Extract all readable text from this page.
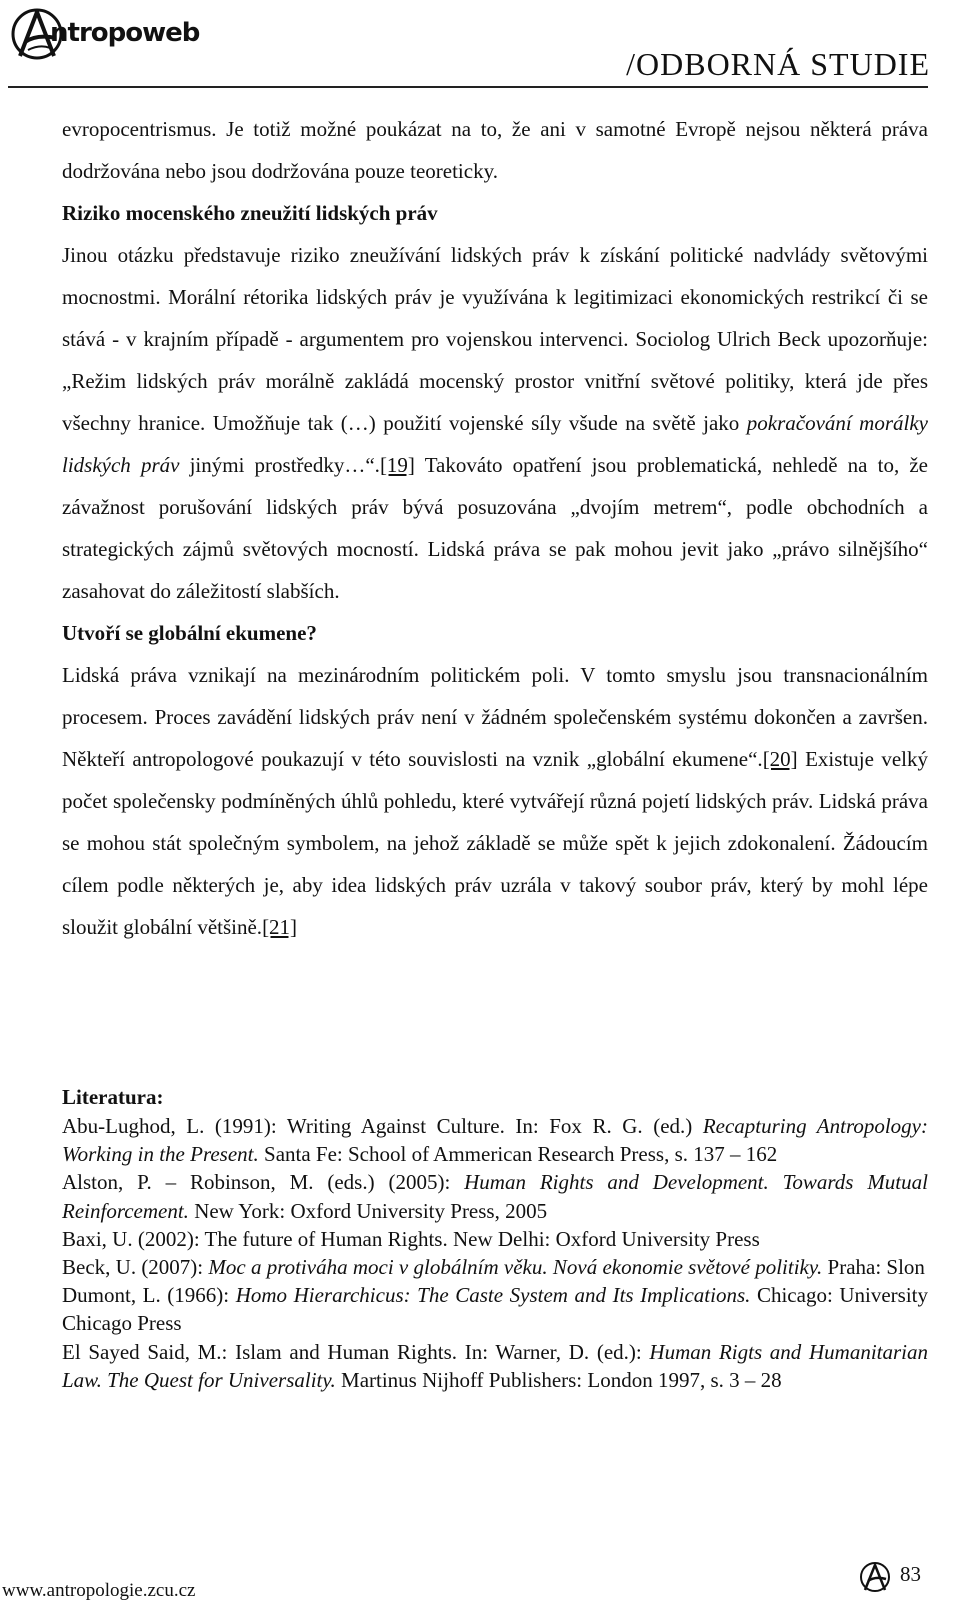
ntropoweb
/ODBORNÁ STUDIE

evropocentrismus. Je totiž možné poukázat na to, že ani v samotné Evropě nejsou některá práva dodržována nebo jsou dodržována pouze teoreticky.

Riziko mocenského zneužití lidských práv

Jinou otázku představuje riziko zneužívání lidských práv k získání politické nadvlády světovými mocnostmi. Morální rétorika lidských práv je využívána k legitimizaci ekonomických restrikcí či se stává - v krajním případě - argumentem pro vojenskou intervenci. Sociolog Ulrich Beck upozorňuje: „Režim lidských práv morálně zakládá mocenský prostor vnitřní světové politiky, která jde přes všechny hranice. Umožňuje tak (…) použití vojenské síly všude na světě jako pokračování morálky lidských práv jinými prostředky…“.[19] Takováto opatření jsou problematická, nehledě na to, že závažnost porušování lidských práv bývá posuzována „dvojím metrem“, podle obchodních a strategických zájmů světových mocností. Lidská práva se pak mohou jevit jako „právo silnějšího“ zasahovat do záležitostí slabších.

Utvoří se globální ekumene?

Lidská práva vznikají na mezinárodním politickém poli. V tomto smyslu jsou transnacionálním procesem. Proces zavádění lidských práv není v žádném společenském systému dokončen a završen. Někteří antropologové poukazují v této souvislosti na vznik „globální ekumene“.[20] Existuje velký počet společensky podmíněných úhlů pohledu, které vytvářejí různá pojetí lidských práv. Lidská práva se mohou stát společným symbolem, na jehož základě se může spět k jejich zdokonalení. Žádoucím cílem podle některých je, aby idea lidských práv uzrála v takový soubor práv, který by mohl lépe sloužit globální většině.[21]

Literatura:

Abu-Lughod, L. (1991): Writing Against Culture. In: Fox R. G. (ed.) Recapturing Antropology: Working in the Present. Santa Fe: School of Ammerican Research Press, s. 137 – 162

Alston, P. – Robinson, M. (eds.) (2005): Human Rights and Development. Towards Mutual Reinforcement. New York: Oxford University Press, 2005

Baxi, U. (2002): The future of Human Rights. New Delhi: Oxford University Press

Beck, U. (2007): Moc a protiváha moci v globálním věku. Nová ekonomie světové politiky. Praha: Slon

Dumont, L. (1966): Homo Hierarchicus: The Caste System and Its Implications. Chicago: University Chicago Press

El Sayed Said, M.: Islam and Human Rights. In: Warner, D. (ed.): Human Rigts and Humanitarian Law. The Quest for Universality. Martinus Nijhoff Publishers: London 1997, s. 3 – 28

www.antropologie.zcu.cz
83
